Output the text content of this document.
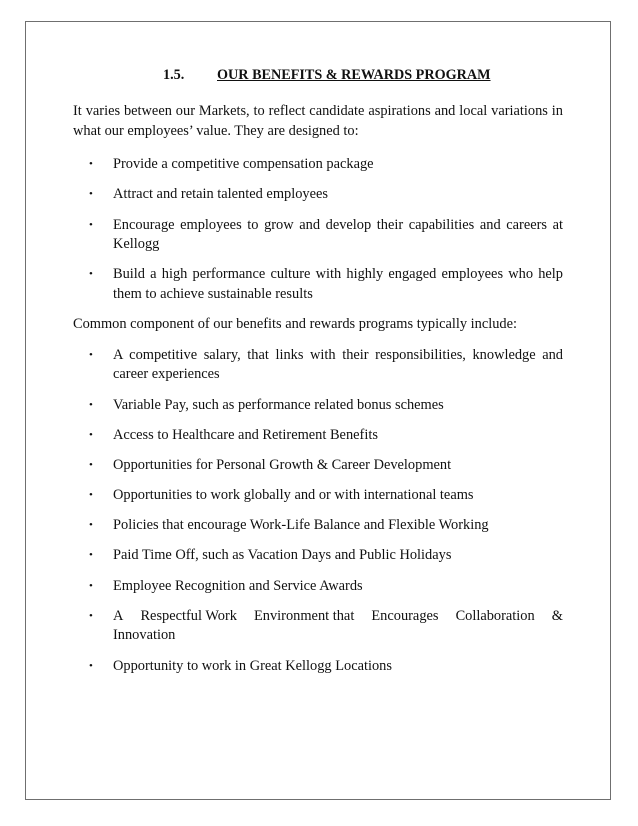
1.5. OUR BENEFITS & REWARDS PROGRAM
It varies between our Markets, to reflect candidate aspirations and local variations in what our employees’ value. They are designed to:
• Provide a competitive compensation package
• Attract and retain talented employees
• Encourage employees to grow and develop their capabilities and careers at Kellogg
• Build a high performance culture with highly engaged employees who help them to achieve sustainable results
Common component of our benefits and rewards programs typically include:
• A competitive salary, that links with their responsibilities, knowledge and career experiences
• Variable Pay, such as performance related bonus schemes
• Access to Healthcare and Retirement Benefits
• Opportunities for Personal Growth & Career Development
• Opportunities to work globally and or with international teams
• Policies that encourage Work-Life Balance and Flexible Working
• Paid Time Off, such as Vacation Days and Public Holidays
• Employee Recognition and Service Awards
• A Respectful Work Environment that Encourages Collaboration &
Innovation
• Opportunity to work in Great Kellogg Locations
